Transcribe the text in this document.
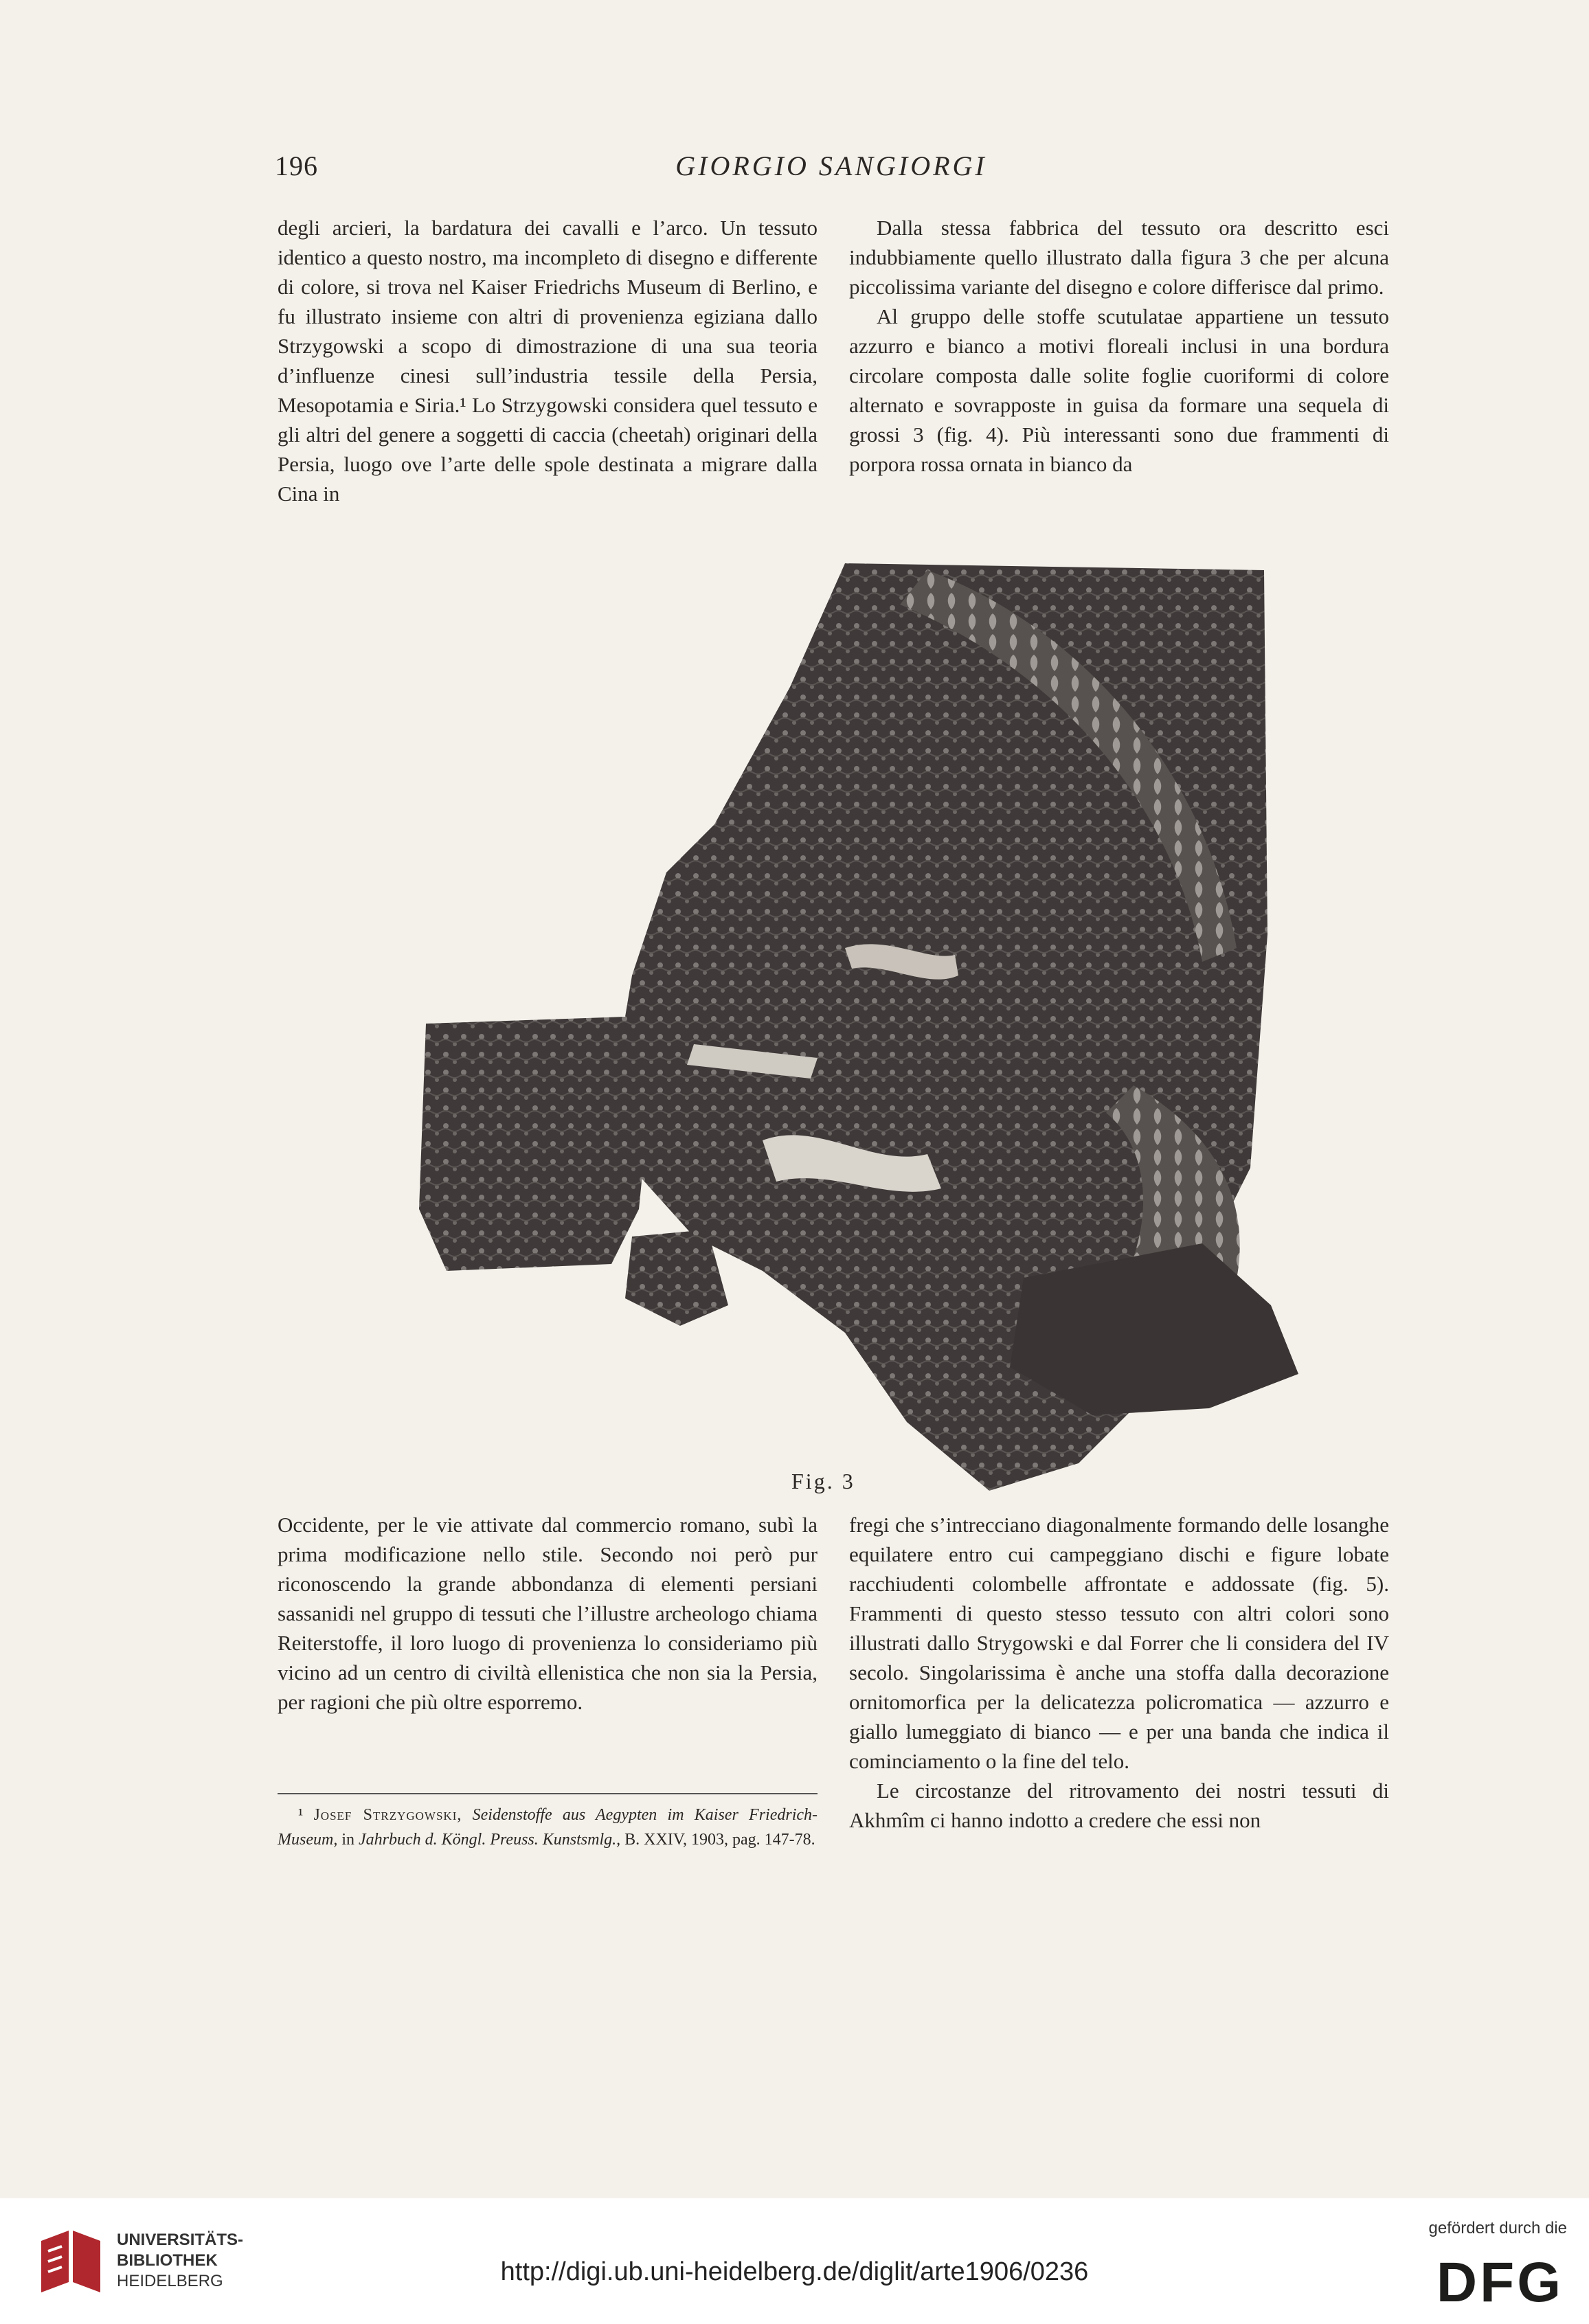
196	GIORGIO SANGIORGI

degli arcieri, la bardatura dei cavalli e l’arco. Un tessuto identico a questo nostro, ma incompleto di disegno e differente di colore, si trova nel Kaiser Friedrichs Museum di Berlino, e fu illustrato insieme con altri di provenienza egiziana dallo Strzygowski a scopo di dimostrazione di una sua teoria d’influenze cinesi sull’industria tessile della Persia, Mesopotamia e Siria.¹ Lo Strzygowski considera quel tessuto e gli altri del genere a soggetti di caccia (cheetah) originari della Persia, luogo ove l’arte delle spole destinata a migrare dalla Cina in

Dalla stessa fabbrica del tessuto ora descritto esci indubbiamente quello illustrato dalla figura 3 che per alcuna piccolissima variante del disegno e colore differisce dal primo.

Al gruppo delle stoffe scutulatae appartiene un tessuto azzurro e bianco a motivi floreali inclusi in una bordura circolare composta dalle solite foglie cuoriformi di colore alternato e sovrapposte in guisa da formare una sequela di grossi 3 (fig. 4). Più interessanti sono due frammenti di porpora rossa ornata in bianco da

Fig. 3

Occidente, per le vie attivate dal commercio romano, subì la prima modificazione nello stile. Secondo noi però pur riconoscendo la grande abbondanza di elementi persiani sassanidi nel gruppo di tessuti che l’illustre archeologo chiama Reiterstoffe, il loro luogo di provenienza lo consideriamo più vicino ad un centro di civiltà ellenistica che non sia la Persia, per ragioni che più oltre esporremo.

fregi che s’intrecciano diagonalmente formando delle losanghe equilatere entro cui campeggiano dischi e figure lobate racchiudenti colombelle affrontate e addossate (fig. 5). Frammenti di questo stesso tessuto con altri colori sono illustrati dallo Strygowski e dal Forrer che li considera del IV secolo. Singolarissima è anche una stoffa dalla decorazione ornitomorfica per la delicatezza policromatica — azzurro e giallo lumeggiato di bianco — e per una banda che indica il cominciamento o la fine del telo.

Le circostanze del ritrovamento dei nostri tessuti di Akhmîm ci hanno indotto a credere che essi non

¹ Josef Strzygowski, Seidenstoffe aus Aegypten im Kaiser Friedrich-Museum, in Jahrbuch d. Köngl. Preuss. Kunstsmlg., B. XXIV, 1903, pag. 147-78.

UNIVERSITÄTS-
BIBLIOTHEK
HEIDELBERG	http://digi.ub.uni-heidelberg.de/diglit/arte1906/0236
gefördert durch die
DFG
